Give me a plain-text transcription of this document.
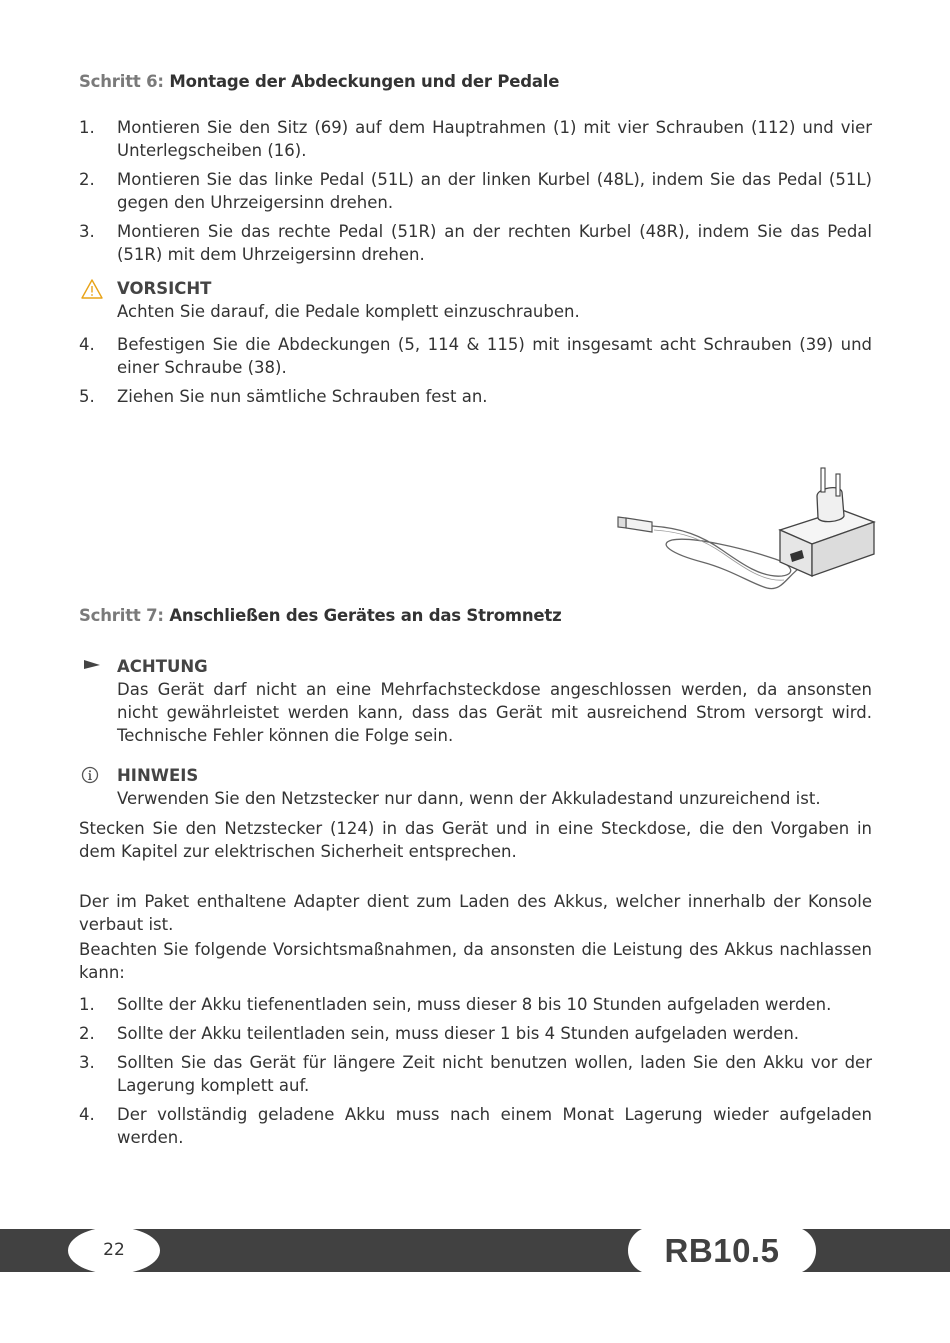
Schritt 6: Montage der Abdeckungen und der Pedale
1. Montieren Sie den Sitz (69) auf dem Hauptrahmen (1) mit vier Schrauben (112) und vier Unterlegscheiben (16).
2. Montieren Sie das linke Pedal (51L) an der linken Kurbel (48L), indem Sie das Pedal (51L) gegen den Uhrzeigersinn drehen.
3. Montieren Sie das rechte Pedal (51R) an der rechten Kurbel (48R), indem Sie das Pedal (51R) mit dem Uhrzeigersinn drehen.
VORSICHT
Achten Sie darauf, die Pedale komplett einzuschrauben.
4. Befestigen Sie die Abdeckungen (5, 114 & 115) mit insgesamt acht Schrauben (39) und einer Schraube (38).
5. Ziehen Sie nun sämtliche Schrauben fest an.
Schritt 7: Anschließen des Gerätes an das Stromnetz
ACHTUNG
Das Gerät darf nicht an eine Mehrfachsteckdose angeschlossen werden, da ansonsten nicht gewährleistet werden kann, dass das Gerät mit ausreichend Strom versorgt wird. Technische Fehler können die Folge sein.
HINWEIS
Verwenden Sie den Netzstecker nur dann, wenn der Akkuladestand unzureichend ist.
Stecken Sie den Netzstecker (124) in das Gerät und in eine Steckdose, die den Vorgaben in dem Kapitel zur elektrischen Sicherheit entsprechen.
Der im Paket enthaltene Adapter dient zum Laden des Akkus, welcher innerhalb der Konsole verbaut ist.
Beachten Sie folgende Vorsichtsmaßnahmen, da ansonsten die Leistung des Akkus nachlassen kann:
1. Sollte der Akku tiefenentladen sein, muss dieser 8 bis 10 Stunden aufgeladen werden.
2. Sollte der Akku teilentladen sein, muss dieser 1 bis 4 Stunden aufgeladen werden.
3. Sollten Sie das Gerät für längere Zeit nicht benutzen wollen, laden Sie den Akku vor der Lagerung komplett auf.
4. Der vollständig geladene Akku muss nach einem Monat Lagerung wieder aufgeladen werden.
22	RB10.5
